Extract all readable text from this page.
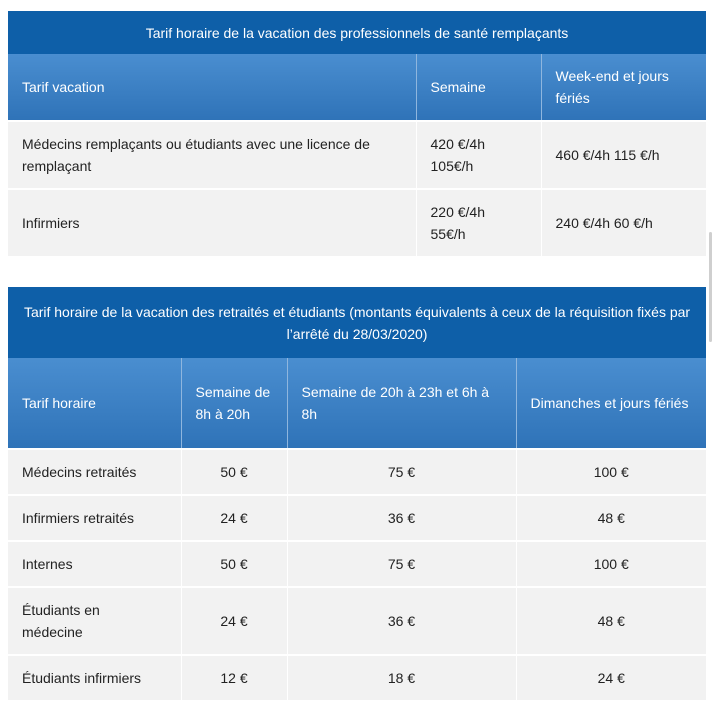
Tarif horaire de la vacation des professionnels de santé remplaçants		
Tarif vacation	Semaine	Week-end et jours fériés
Médecins remplaçants ou étudiants avec une licence de remplaçant	420 €/4h 105€/h	460 €/4h 115 €/h
Infirmiers	220 €/4h 55€/h	240 €/4h 60 €/h
Tarif horaire de la vacation des retraités et étudiants (montants équivalents à ceux de la réquisition fixés par l’arrêté du 28/03/2020)			
Tarif horaire	Semaine de 8h à 20h	Semaine de 20h à 23h et 6h à 8h	Dimanches et jours fériés
Médecins retraités	50 €	75 €	100 €
Infirmiers retraités	24 €	36 €	48 €
Internes	50 €	75 €	100 €
Étudiants en médecine	24 €	36 €	48 €
Étudiants infirmiers	12 €	18 €	24 €
